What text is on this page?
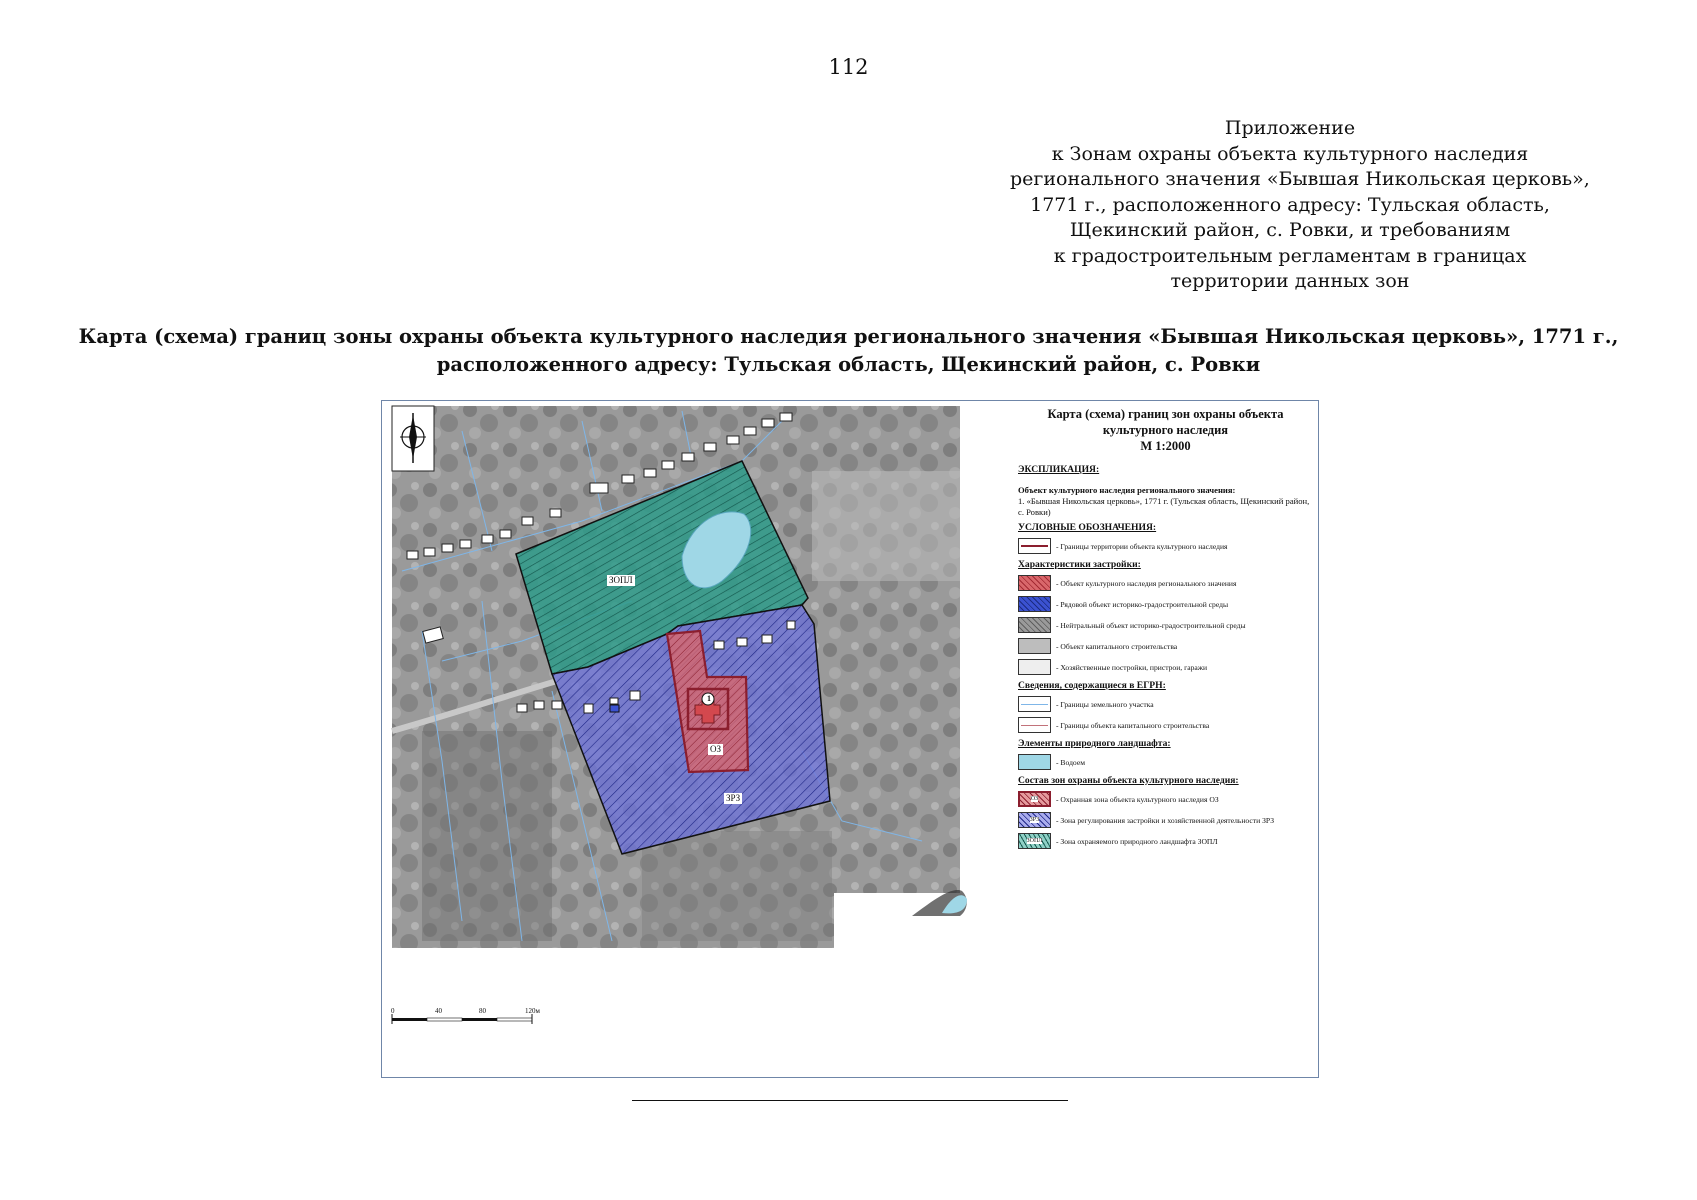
112
Приложение
к Зонам охраны объекта культурного наследия
регионального значения «Бывшая Никольская церковь»,
1771 г., расположенного адресу: Тульская область,
Щекинский район, с. Ровки, и требованиям
к градостроительным регламентам в границах
территории данных зон
Карта (схема) границ зоны охраны объекта культурного наследия регионального значения «Бывшая Никольская церковь», 1771 г.,
расположенного адресу: Тульская область, Щекинский район, с. Ровки
ЗОПЛ
ОЗ
ЗРЗ
1
0	40	80	120м
Карта (схема) границ зон охраны объекта
культурного наследия
М 1:2000
ЭКСПЛИКАЦИЯ:
Объект культурного наследия регионального значения:
1. «Бывшая Никольская церковь», 1771 г. (Тульская область, Щекинский район, с. Ровки)
УСЛОВНЫЕ ОБОЗНАЧЕНИЯ:
- Границы территории объекта культурного наследия
Характеристики застройки:
- Объект культурного наследия регионального значения
- Рядовой объект историко-градостроительной среды
- Нейтральный объект историко-градостроительной среды
- Объект капитального строительства
- Хозяйственные постройки, пристрои, гаражи
Сведения, содержащиеся в ЕГРН:
- Границы земельного участка
- Границы объекта капитального строительства
Элементы природного ландшафта:
- Водоем
Состав зон охраны объекта культурного наследия:
ОЗ	- Охранная зона объекта культурного наследия ОЗ
ЗРЗ	- Зона регулирования застройки и хозяйственной деятельности ЗРЗ
ЗОПЛ	- Зона охраняемого природного ландшафта ЗОПЛ
